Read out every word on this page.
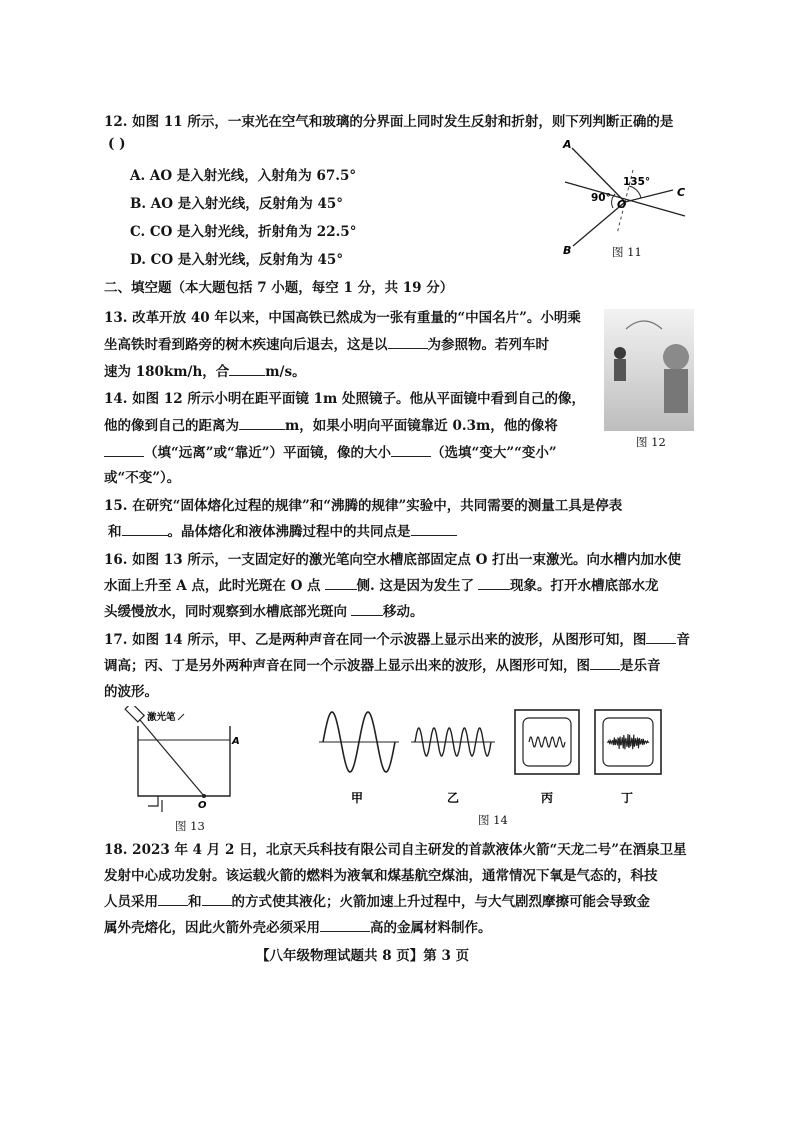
12. 如图 11 所示，一束光在空气和玻璃的分界面上同时发生反射和折射，则下列判断正确的是
( )
A. AO 是入射光线，入射角为 67.5°
B. AO 是入射光线，反射角为 45°
C. CO 是入射光线，折射角为 22.5°
D. CO 是入射光线，反射角为 45°
A
B
C
O
135°
90°
图 11
二、填空题（本大题包括 7 小题，每空 1 分，共 19 分）
13. 改革开放 40 年以来，中国高铁已然成为一张有重量的“中国名片”。小明乘
坐高铁时看到路旁的树木疾速向后退去，这是以	为参照物。若列车时
速为 180km/h，合	m/s。
图 12
14. 如图 12 所示小明在距平面镜 1m 处照镜子。他从平面镜中看到自己的像，
他的像到自己的距离为	m，如果小明向平面镜靠近 0.3m，他的像将
（填“远离”或“靠近”）平面镜，像的大小	（选填“变大”“变小”
或“不变”）。
15. 在研究“固体熔化过程的规律”和“沸腾的规律”实验中，共同需要的测量工具是停表
和	。晶体熔化和液体沸腾过程中的共同点是
16. 如图 13 所示，一支固定好的激光笔向空水槽底部固定点 O 打出一束激光。向水槽内加水使
水面上升至 A 点，此时光斑在 O 点	侧. 这是因为发生了	现象。打开水槽底部水龙
头缓慢放水，同时观察到水槽底部光斑向	移动。
17. 如图 14 所示，甲、乙是两种声音在同一个示波器上显示出来的波形，从图形可知，图 音
调高；丙、丁是另外两种声音在同一个示波器上显示出来的波形，从图形可知，图 是乐音
的波形。
激光笔
A
O
图 13
甲	乙	丙	丁
图 14
18. 2023 年 4 月 2 日，北京天兵科技有限公司自主研发的首款液体火箭“天龙二号”在酒泉卫星
发射中心成功发射。该运载火箭的燃料为液氧和煤基航空煤油，通常情况下氧是气态的，科技
人员采用 和 的方式使其液化；火箭加速上升过程中，与大气剧烈摩擦可能会导致金
属外壳熔化，因此火箭外壳必须采用	高的金属材料制作。
【八年级物理试题共 8 页】第 3 页
